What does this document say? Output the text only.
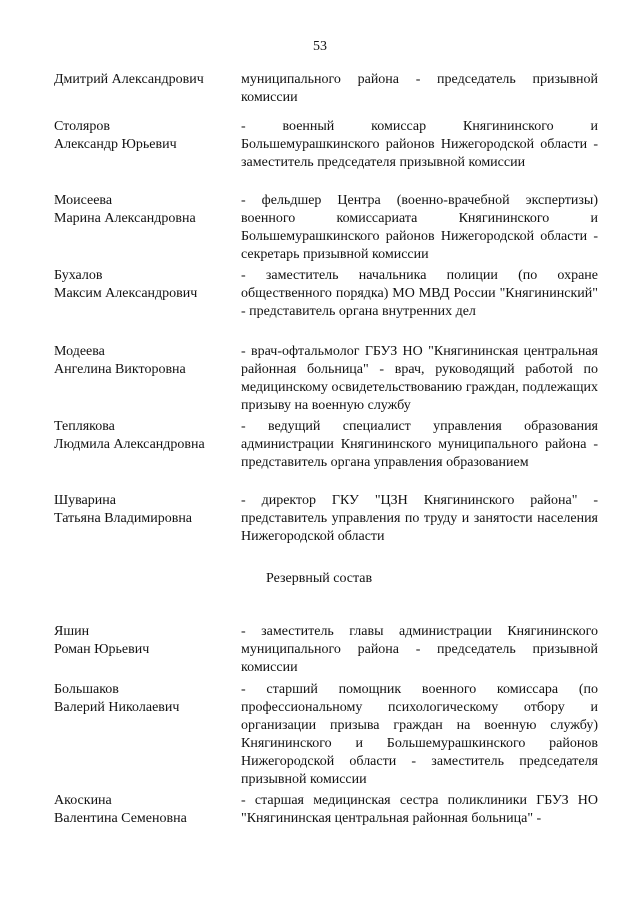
53
Дмитрий Александрович	муниципального района - председатель призывной комиссии
Столяров
Александр Юрьевич
- военный комиссар Княгининского и Большемурашкинского районов Нижегородской области - заместитель председателя призывной комиссии
Моисеева
Марина Александровна
- фельдшер Центра (военно-врачебной экспертизы) военного комиссариата Княгининского и Большемурашкинского районов Нижегородской области - секретарь призывной комиссии
Бухалов
Максим Александрович
- заместитель начальника полиции (по охране общественного порядка) МО МВД России "Княгининский" - представитель органа внутренних дел
Модеева
Ангелина Викторовна
- врач-офтальмолог ГБУЗ НО "Княгининская центральная районная больница" - врач, руководящий работой по медицинскому освидетельствованию граждан, подлежащих призыву на военную службу
Теплякова
Людмила Александровна
- ведущий специалист управления образования администрации Княгининского муниципального района - представитель органа управления образованием
Шуварина
Татьяна Владимировна
- директор ГКУ "ЦЗН Княгининского района" - представитель управления по труду и занятости населения Нижегородской области
Резервный состав
Яшин
Роман Юрьевич
- заместитель главы администрации Княгининского муниципального района - председатель призывной комиссии
Большаков
Валерий Николаевич
- старший помощник военного комиссара (по профессиональному психологическому отбору и организации призыва граждан на военную службу) Княгининского и Большемурашкинского районов Нижегородской области - заместитель председателя призывной комиссии
Акоскина
Валентина Семеновна
- старшая медицинская сестра поликлиники ГБУЗ НО "Княгининская центральная районная больница" -
